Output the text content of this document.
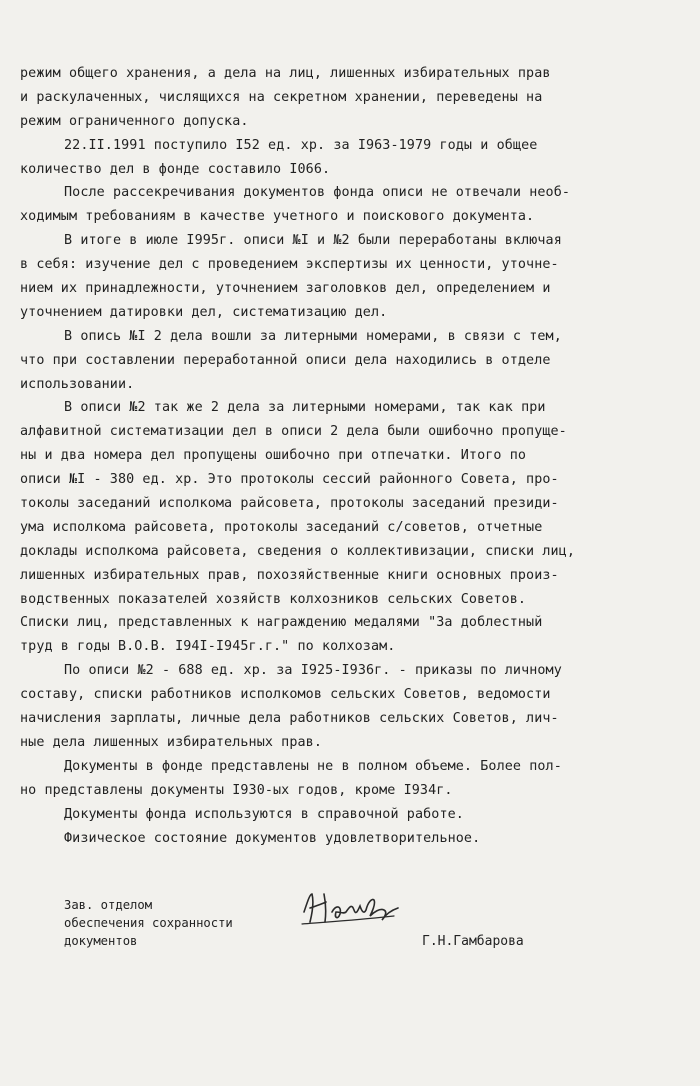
режим общего хранения, а дела на лиц, лишенных избирательных прав
и раскулаченных, числящихся на секретном хранении, переведены на
режим ограниченного допуска.
22.II.1991 поступило I52 ед. хр. за I963-1979 годы и общее
количество дел в фонде составило I066.
После рассекречивания документов фонда описи не отвечали необ-
ходимым требованиям в качестве учетного и поискового документа.
В итоге в июле I995г. описи №I и №2 были переработаны включая
в себя: изучение дел с проведением экспертизы их ценности, уточне-
нием их принадлежности, уточнением заголовков дел, определением и
уточнением датировки дел, систематизацию дел.
В опись №I 2 дела вошли за литерными номерами, в связи с тем,
что при составлении переработанной описи дела находились в отделе
использовании.
В описи №2 так же 2 дела за литерными номерами, так как при
алфавитной систематизации дел в описи 2 дела были ошибочно пропуще-
ны и два номера дел пропущены ошибочно при отпечатки. Итого по
описи №I - 380 ед. хр. Это протоколы сессий районного Совета, про-
токолы заседаний исполкома райсовета, протоколы заседаний президи-
ума исполкома райсовета, протоколы заседаний с/советов, отчетные
доклады исполкома райсовета, сведения о коллективизации, списки лиц,
лишенных избирательных прав, похозяйственные книги основных произ-
водственных показателей хозяйств колхозников сельских Советов.
Списки лиц, представленных к награждению медалями "За доблестный
труд в годы В.О.В. I94I-I945г.г." по колхозам.
По описи №2 - 688 ед. хр. за I925-I936г. - приказы по личному
составу, списки работников исполкомов сельских Советов, ведомости
начисления зарплаты, личные дела работников сельских Советов, лич-
ные дела лишенных избирательных прав.
Документы в фонде представлены не в полном объеме. Более пол-
но представлены документы I930-ых годов, кроме I934г.
Документы фонда используются в справочной работе.
Физическое состояние документов удовлетворительное.
Зав. отделом
обеспечения сохранности
документов	Г.Н.Гамбарова
